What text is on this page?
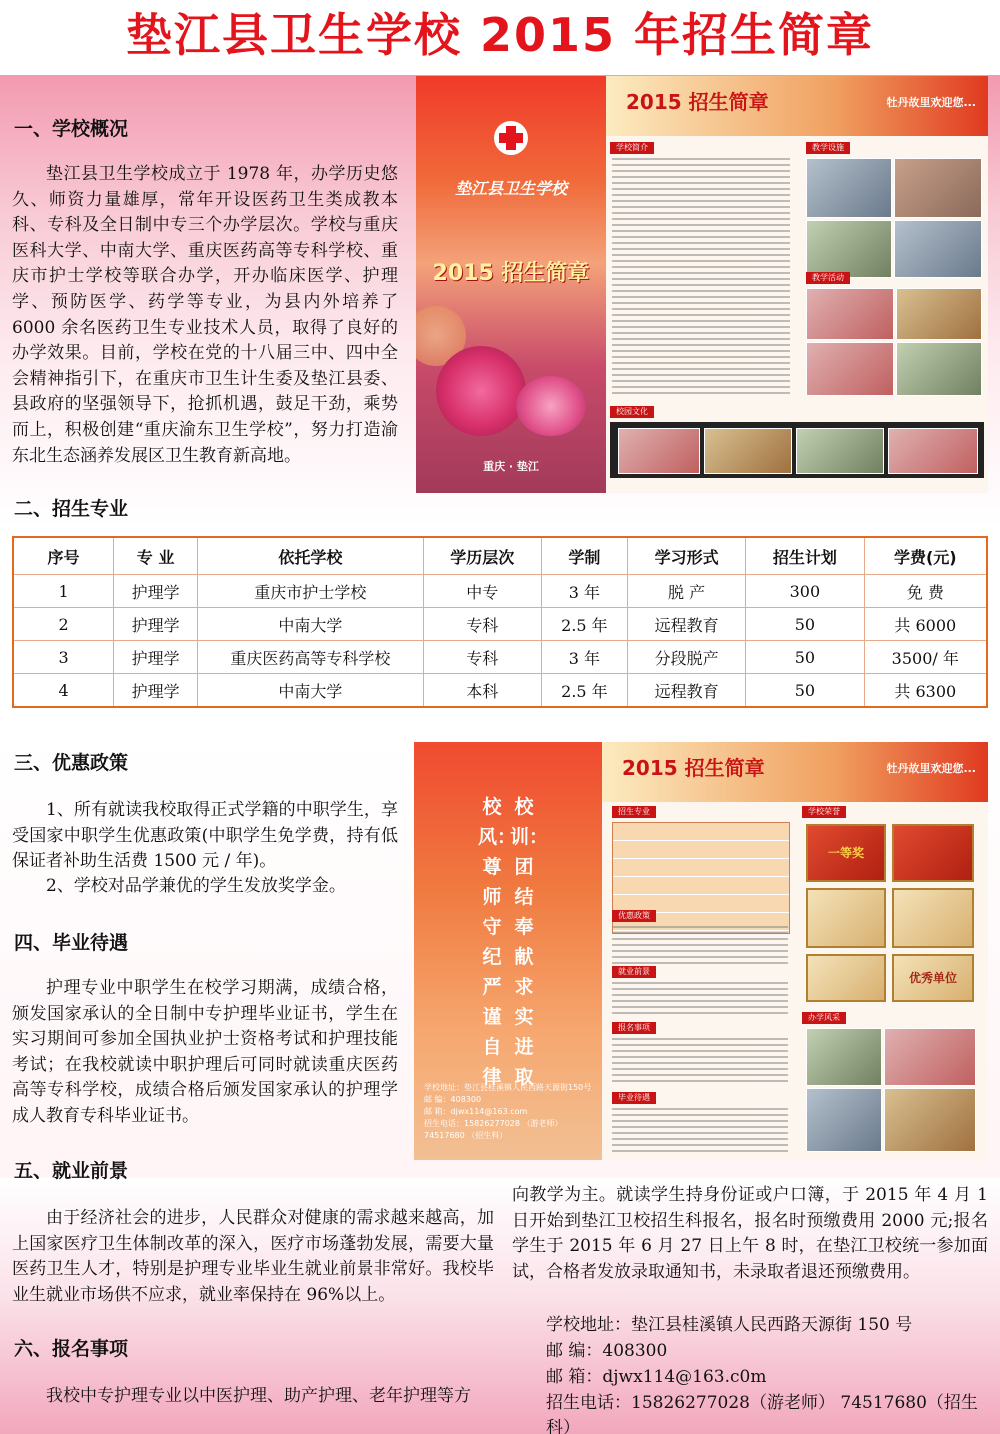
垫江县卫生学校 2015 年招生简章
一、学校概况
垫江县卫生学校成立于 1978 年，办学历史悠久、师资力量雄厚，常年开设医药卫生类成教本科、专科及全日制中专三个办学层次。学校与重庆医科大学、中南大学、重庆医药高等专科学校、重庆市护士学校等联合办学，开办临床医学、护理学、预防医学、药学等专业，为县内外培养了 6000 余名医药卫生专业技术人员，取得了良好的办学效果。目前，学校在党的十八届三中、四中全会精神指引下，在重庆市卫生计生委及垫江县委、县政府的坚强领导下，抢抓机遇，鼓足干劲，乘势而上，积极创建“重庆渝东卫生学校”，努力打造渝东北生态涵养发展区卫生教育新高地。
垫江县卫生学校
2015 招生简章
重庆 · 垫江
2015 招生简章	牡丹故里欢迎您...
学校简介	教学设施
教学活动
校园文化
二、招生专业
序号	专 业	依托学校	学历层次	学制	学习形式	招生计划	学费(元)
1	护理学	重庆市护士学校	中专	3 年	脱 产	300	免 费
2	护理学	中南大学	专科	2.5 年	远程教育	50	共 6000
3	护理学	重庆医药高等专科学校	专科	3 年	分段脱产	50	3500/ 年
4	护理学	中南大学	本科	2.5 年	远程教育	50	共 6300
三、优惠政策
1、所有就读我校取得正式学籍的中职学生，享受国家中职学生优惠政策(中职学生免学费，持有低保证者补助生活费 1500 元 / 年)。
2、学校对品学兼优的学生发放奖学金。
四、毕业待遇
护理专业中职学生在校学习期满，成绩合格，颁发国家承认的全日制中专护理毕业证书，学生在实习期间可参加全国执业护士资格考试和护理技能考试；在我校就读中职护理后可同时就读重庆医药高等专科学校，成绩合格后颁发国家承认的护理学成人教育专科毕业证书。
校训：团结 奉献 求实 进取
校风：尊师 守纪 严谨 自律
学校地址：垫江县桂溪镇人民西路天源街150号
邮 编：408300
邮 箱：djwx114@163.com
招生电话：15826277028 （游老师）
74517680 （招生科）
2015 招生简章	牡丹故里欢迎您...
招生专业
优惠政策
就业前景
报名事项
毕业待遇
学校荣誉
一等奖
优秀单位
办学风采
五、就业前景
由于经济社会的进步，人民群众对健康的需求越来越高，加上国家医疗卫生体制改革的深入，医疗市场蓬勃发展，需要大量医药卫生人才，特别是护理专业毕业生就业前景非常好。我校毕业生就业市场供不应求，就业率保持在 96%以上。
六、报名事项
我校中专护理专业以中医护理、助产护理、老年护理等方
向教学为主。就读学生持身份证或户口簿，于 2015 年 4 月 1 日开始到垫江卫校招生科报名，报名时预缴费用 2000 元;报名学生于 2015 年 6 月 27 日上午 8 时，在垫江卫校统一参加面试，合格者发放录取通知书，未录取者退还预缴费用。
学校地址：垫江县桂溪镇人民西路天源街 150 号
邮 编：408300
邮 箱：djwx114@163.c0m
招生电话：15826277028（游老师） 74517680（招生科）
